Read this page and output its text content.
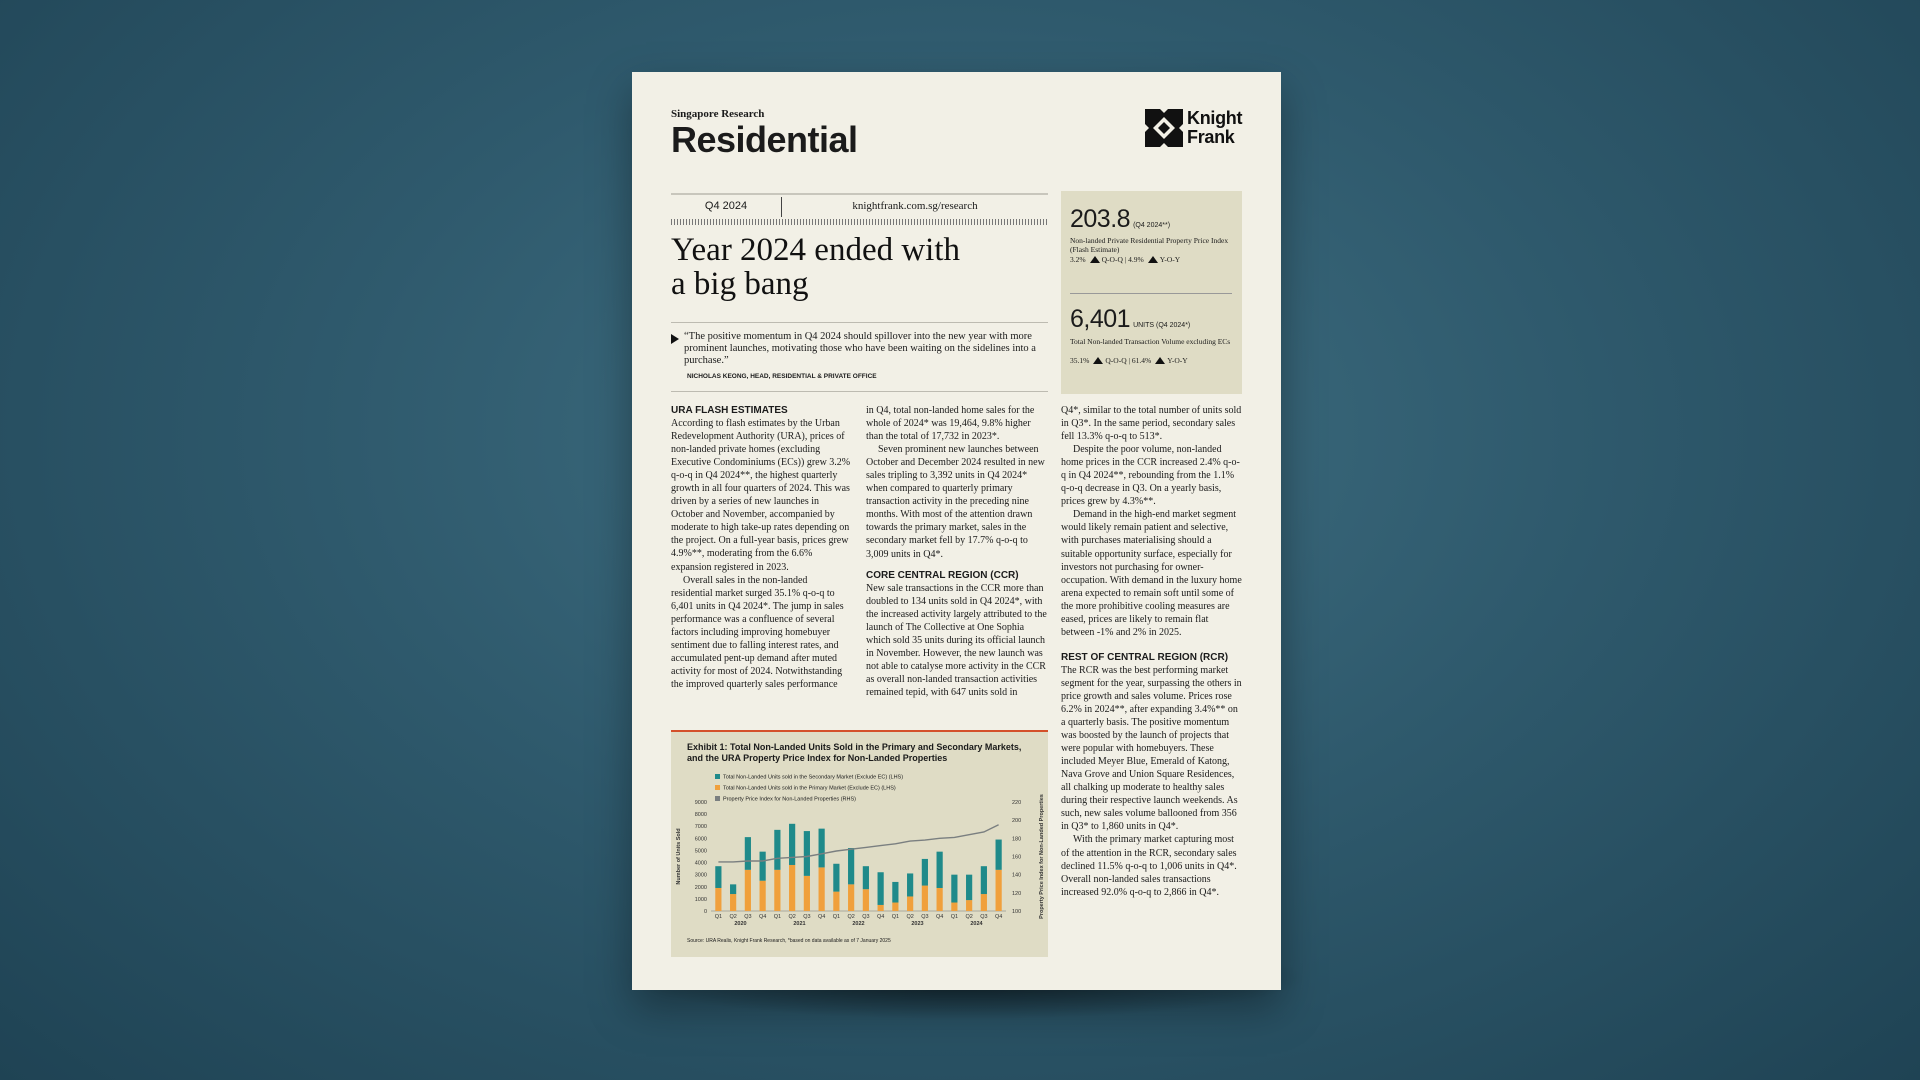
Singapore Research
Residential
Knight
Frank
Q4 2024	knightfrank.com.sg/research
Year 2024 ended with
a big bang
“The positive momentum in Q4 2024 should spillover into the new year with more prominent launches, motivating those who have been waiting on the sidelines into a purchase.”
NICHOLAS KEONG, HEAD, RESIDENTIAL & PRIVATE OFFICE
203.8 (Q4 2024**)
Non-landed Private Residential Property Price Index (Flash Estimate)
3.2% Q-O-Q | 4.9% Y-O-Y
6,401 UNITS (Q4 2024*)
Total Non-landed Transaction Volume excluding ECs
35.1% Q-O-Q | 61.4% Y-O-Y
URA FLASH ESTIMATES

According to flash estimates by the Urban Redevelopment Authority (URA), prices of non-landed private homes (excluding Executive Condominiums (ECs)) grew 3.2% q-o-q in Q4 2024**, the highest quarterly growth in all four quarters of 2024. This was driven by a series of new launches in October and November, accompanied by moderate to high take-up rates depending on the project. On a full-year basis, prices grew 4.9%**, moderating from the 6.6% expansion registered in 2023.

Overall sales in the non-landed residential market surged 35.1% q-o-q to 6,401 units in Q4 2024*. The jump in sales performance was a confluence of several factors including improving homebuyer sentiment due to falling interest rates, and accumulated pent-up demand after muted activity for most of 2024. Notwithstanding the improved quarterly sales performance

in Q4, total non-landed home sales for the whole of 2024* was 19,464, 9.8% higher than the total of 17,732 in 2023*.

Seven prominent new launches between October and December 2024 resulted in new sales tripling to 3,392 units in Q4 2024* when compared to quarterly primary transaction activity in the preceding nine months. With most of the attention drawn towards the primary market, sales in the secondary market fell by 17.7% q-o-q to 3,009 units in Q4*.

CORE CENTRAL REGION (CCR)

New sale transactions in the CCR more than doubled to 134 units sold in Q4 2024*, with the increased activity largely attributed to the launch of The Collective at One Sophia which sold 35 units during its official launch in November. However, the new launch was not able to catalyse more activity in the CCR as overall non-landed transaction activities remained tepid, with 647 units sold in

Q4*, similar to the total number of units sold in Q3*. In the same period, secondary sales fell 13.3% q-o-q to 513*.

Despite the poor volume, non-landed home prices in the CCR increased 2.4% q-o-q in Q4 2024**, rebounding from the 1.1% q-o-q decrease in Q3. On a yearly basis, prices grew by 4.3%**.

Demand in the high-end market segment would likely remain patient and selective, with purchases materialising should a suitable opportunity surface, especially for investors not purchasing for owner-occupation. With demand in the luxury home arena expected to remain soft until some of the more prohibitive cooling measures are eased, prices are likely to remain flat between -1% and 2% in 2025.

REST OF CENTRAL REGION (RCR)

The RCR was the best performing market segment for the year, surpassing the others in price growth and sales volume. Prices rose 6.2% in 2024**, after expanding 3.4%** on a quarterly basis. The positive momentum was boosted by the launch of projects that were popular with homebuyers. These included Meyer Blue, Emerald of Katong, Nava Grove and Union Square Residences, all chalking up moderate to healthy sales during their respective launch weekends. As such, new sales volume ballooned from 356 in Q3* to 1,860 units in Q4*.

With the primary market capturing most of the attention in the RCR, secondary sales declined 11.5% q-o-q to 1,006 units in Q4*. Overall non-landed sales transactions increased 92.0% q-o-q to 2,866 in Q4*.

0
1000
2000
3000
4000
5000
6000
7000
8000
9000
100
120
140
160
180
200
220
Q1 Q2 Q3 Q4 Q1 Q2 Q3 Q4 Q1 Q2 Q3 Q4 Q1 Q2 Q3 Q4 Q1 Q2 Q3 Q4
2020	2021	2022	2023	2024
Number of Units Sold	Property Price Index for Non-Landed Properties
Exhibit 1: Total Non-Landed Units Sold in the Primary and Secondary Markets, and the URA Property Price Index for Non-Landed Properties
Total Non-Landed Units sold in the Secondary Market (Exclude EC) (LHS)
Total Non-Landed Units sold in the Primary Market (Exclude EC) (LHS)
Property Price Index for Non-Landed Properties (RHS)
Source: URA Realis, Knight Frank Research, *based on data available as of 7 January 2025
